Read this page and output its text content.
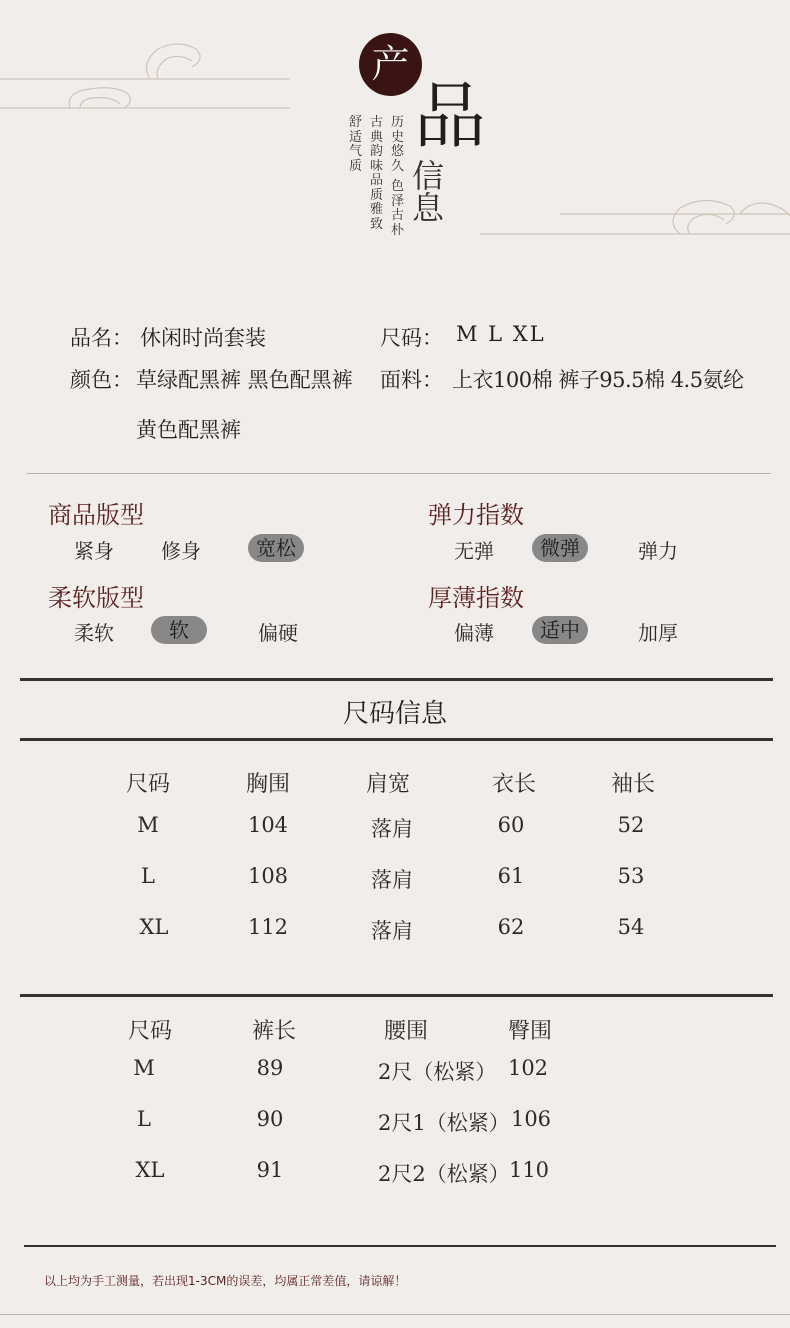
产
品
信息
历史悠久
色泽古朴
古典韵味品质雅致
舒适气质
品名： 休闲时尚套装	尺码： M L XL
颜色： 草绿配黑裤 黑色配黑裤 面料： 上衣100棉 裤子95.5棉 4.5氨纶
黄色配黑裤
商品版型
紧身	修身	宽松
弹力指数
无弹	微弹	弹力
柔软版型
柔软	软	偏硬
厚薄指数
偏薄	适中	加厚
尺码信息
尺码	胸围	肩宽	衣长	袖长
M	104	落肩	60	52
L	108	落肩	61	53
XL	112	落肩	62	54
尺码	裤长	腰围	臀围
M	89	2尺（松紧） 102
L	90	2尺1（松紧） 106
XL	91	2尺2（松紧） 110
以上均为手工测量，若出现1-3CM的误差，均属正常差值，请谅解！
